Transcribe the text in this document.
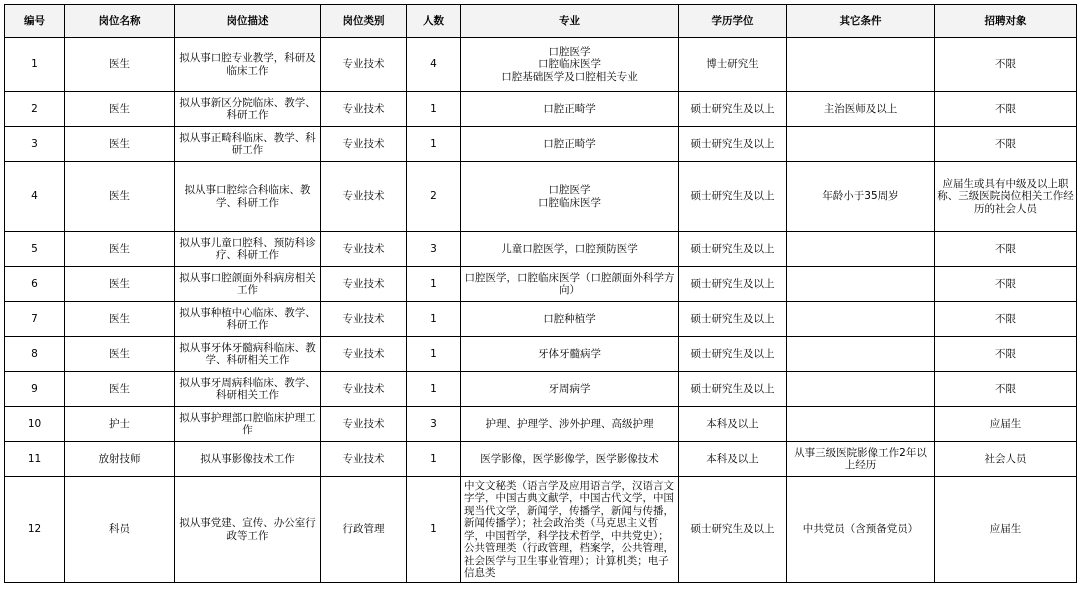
编号	岗位名称	岗位描述	岗位类别	人数	专业	学历学位	其它条件	招聘对象
1	医生	拟从事口腔专业教学，科研及临床工作	专业技术	4	口腔医学
口腔临床医学
口腔基础医学及口腔相关专业	博士研究生		不限
2	医生	拟从事新区分院临床、教学、科研工作	专业技术	1	口腔正畸学	硕士研究生及以上	主治医师及以上	不限
3	医生	拟从事正畸科临床、教学、科研工作	专业技术	1	口腔正畸学	硕士研究生及以上		不限
4	医生	拟从事口腔综合科临床、教学、科研工作	专业技术	2	口腔医学
口腔临床医学	硕士研究生及以上	年龄小于35周岁	应届生或具有中级及以上职称、三级医院岗位相关工作经历的社会人员
5	医生	拟从事儿童口腔科、预防科诊疗、科研工作	专业技术	3	儿童口腔医学，口腔预防医学	硕士研究生及以上		不限
6	医生	拟从事口腔颌面外科病房相关工作	专业技术	1	口腔医学，口腔临床医学（口腔颌面外科学方向）	硕士研究生及以上		不限
7	医生	拟从事种植中心临床、教学、科研工作	专业技术	1	口腔种植学	硕士研究生及以上		不限
8	医生	拟从事牙体牙髓病科临床、教学、科研相关工作	专业技术	1	牙体牙髓病学	硕士研究生及以上		不限
9	医生	拟从事牙周病科临床、教学、科研相关工作	专业技术	1	牙周病学	硕士研究生及以上		不限
10	护士	拟从事护理部口腔临床护理工作	专业技术	3	护理、护理学、涉外护理、高级护理	本科及以上		应届生
11	放射技师	拟从事影像技术工作	专业技术	1	医学影像，医学影像学，医学影像技术	本科及以上	从事三级医院影像工作2年以上经历	社会人员
12	科员	拟从事党建、宣传、办公室行政等工作	行政管理	1	中文文秘类（语言学及应用语言学，汉语言文字学，中国古典文献学，中国古代文学，中国现当代文学，新闻学，传播学，新闻与传播，新闻传播学）；社会政治类（马克思主义哲学，中国哲学，科学技术哲学，中共党史）；公共管理类（行政管理，档案学，公共管理，社会医学与卫生事业管理）；计算机类；电子信息类	硕士研究生及以上	中共党员（含预备党员）	应届生
